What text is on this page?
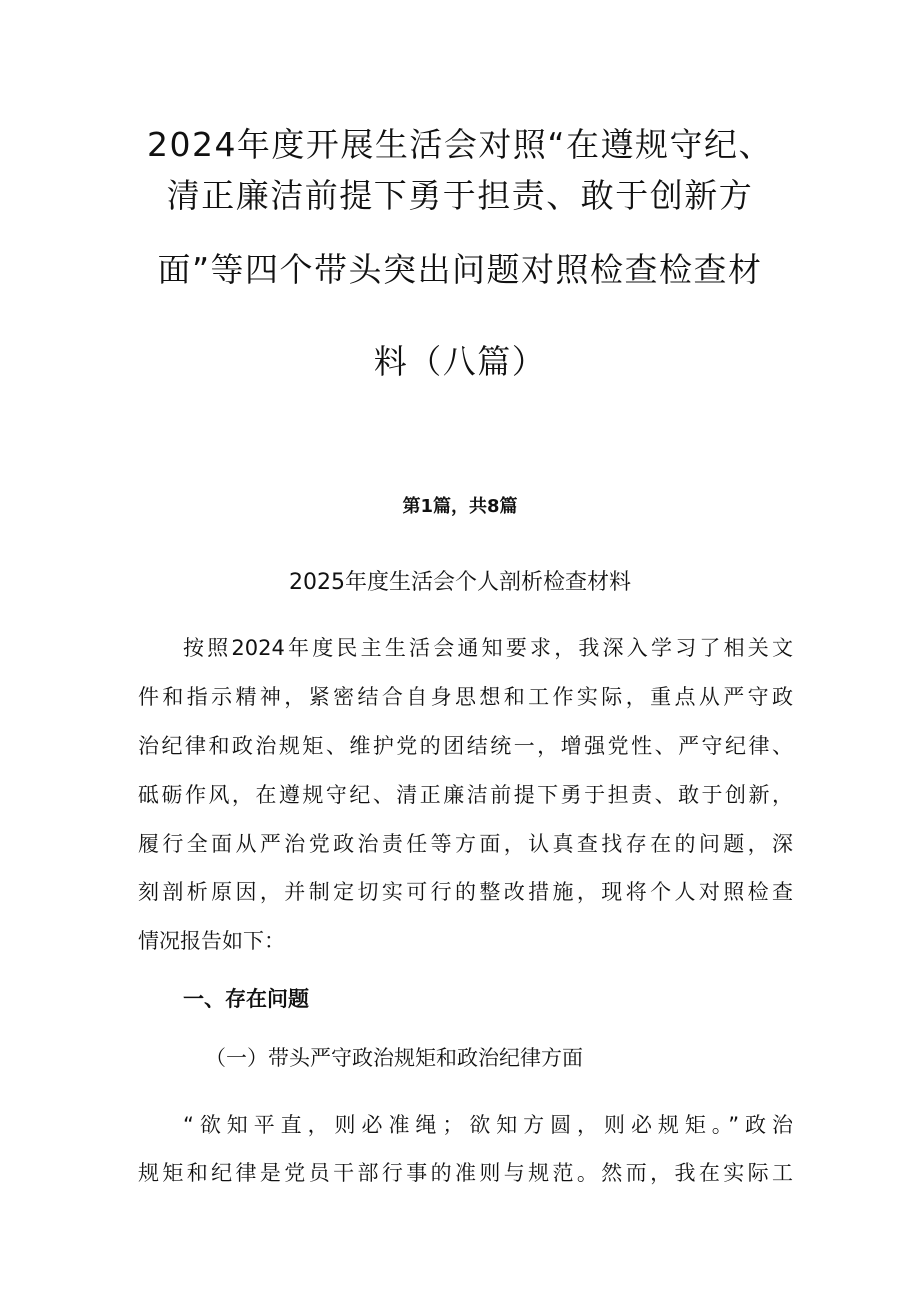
2024年度开展生活会对照“在遵规守纪、
清正廉洁前提下勇于担责、敢于创新方
面”等四个带头突出问题对照检查检查材
料（八篇）
第1篇，共8篇
2025年度生活会个人剖析检查材料
按照2024年度民主生活会通知要求，我深入学习了相关文
件和指示精神，紧密结合自身思想和工作实际，重点从严守政
治纪律和政治规矩、维护党的团结统一，增强党性、严守纪律、
砥砺作风，在遵规守纪、清正廉洁前提下勇于担责、敢于创新，
履行全面从严治党政治责任等方面，认真查找存在的问题，深
刻剖析原因，并制定切实可行的整改措施，现将个人对照检查
情况报告如下：
一、存在问题
（一）带头严守政治规矩和政治纪律方面
“欲知平直，则必准绳；欲知方圆，则必规矩。”政治
规矩和纪律是党员干部行事的准则与规范。然而，我在实际工
